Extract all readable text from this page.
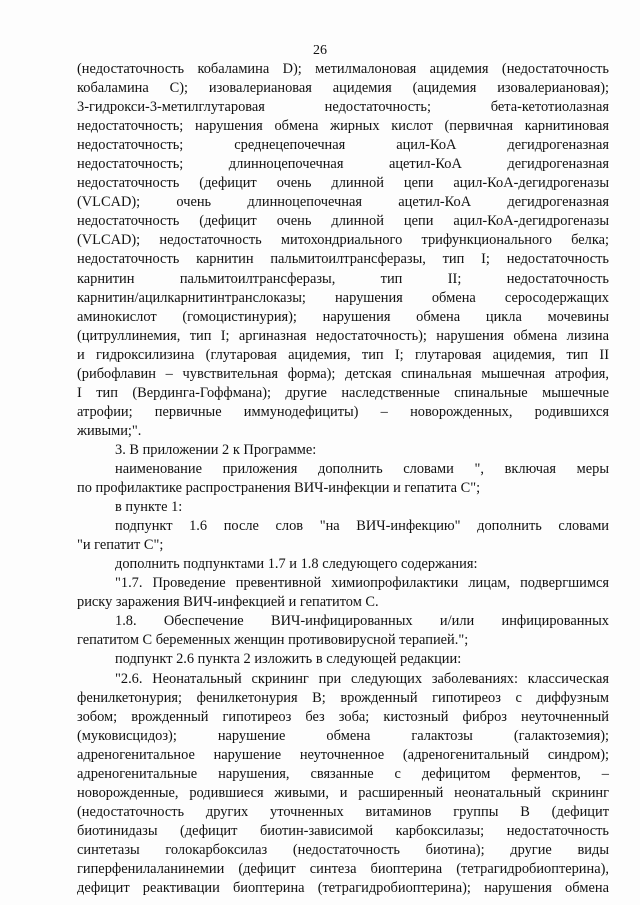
26

(недостаточность кобаламина D); метилмалоновая ацидемия (недостаточность

кобаламина C); изовалериановая ацидемия (ацидемия изовалериановая);

3-гидрокси-3-метилглутаровая недостаточность; бета-кетотиолазная

недостаточность; нарушения обмена жирных кислот (первичная карнитиновая

недостаточность; среднецепочечная ацил-КоА дегидрогеназная

недостаточность; длинноцепочечная ацетил-КоА дегидрогеназная

недостаточность (дефицит очень длинной цепи ацил-КоА-дегидрогеназы

(VLCAD); очень длинноцепочечная ацетил-КоА дегидрогеназная

недостаточность (дефицит очень длинной цепи ацил-КоА-дегидрогеназы

(VLCAD); недостаточность митохондриального трифункционального белка;

недостаточность карнитин пальмитоилтрансферазы, тип I; недостаточность

карнитин пальмитоилтрансферазы, тип II; недостаточность

карнитин/ацилкарнитинтранслоказы; нарушения обмена серосодержащих

аминокислот (гомоцистинурия); нарушения обмена цикла мочевины

(цитруллинемия, тип I; аргиназная недостаточность); нарушения обмена лизина

и гидроксилизина (глутаровая ацидемия, тип I; глутаровая ацидемия, тип II

(рибофлавин – чувствительная форма); детская спинальная мышечная атрофия,

I тип (Вердинга-Гоффмана); другие наследственные спинальные мышечные

атрофии; первичные иммунодефициты) – новорожденных, родившихся

живыми;".

3. В приложении 2 к Программе:

наименование приложения дополнить словами ", включая меры

по профилактике распространения ВИЧ-инфекции и гепатита С";

в пункте 1:

подпункт 1.6 после слов "на ВИЧ-инфекцию" дополнить словами

"и гепатит С";

дополнить подпунктами 1.7 и 1.8 следующего содержания:

"1.7. Проведение превентивной химиопрофилактики лицам, подвергшимся

риску заражения ВИЧ-инфекцией и гепатитом С.

1.8. Обеспечение ВИЧ-инфицированных и/или инфицированных

гепатитом С беременных женщин противовирусной терапией.";

подпункт 2.6 пункта 2 изложить в следующей редакции:

"2.6. Неонатальный скрининг при следующих заболеваниях: классическая

фенилкетонурия; фенилкетонурия В; врожденный гипотиреоз с диффузным

зобом; врожденный гипотиреоз без зоба; кистозный фиброз неуточненный

(муковисцидоз); нарушение обмена галактозы (галактоземия);

адреногенитальное нарушение неуточненное (адреногенитальный синдром);

адреногенитальные нарушения, связанные с дефицитом ферментов, –

новорожденные, родившиеся живыми, и расширенный неонатальный скрининг

(недостаточность других уточненных витаминов группы В (дефицит

биотинидазы (дефицит биотин-зависимой карбоксилазы; недостаточность

синтетазы голокарбоксилаз (недостаточность биотина); другие виды

гиперфенилаланинемии (дефицит синтеза биоптерина (тетрагидробиоптерина),

дефицит реактивации биоптерина (тетрагидробиоптерина); нарушения обмена
